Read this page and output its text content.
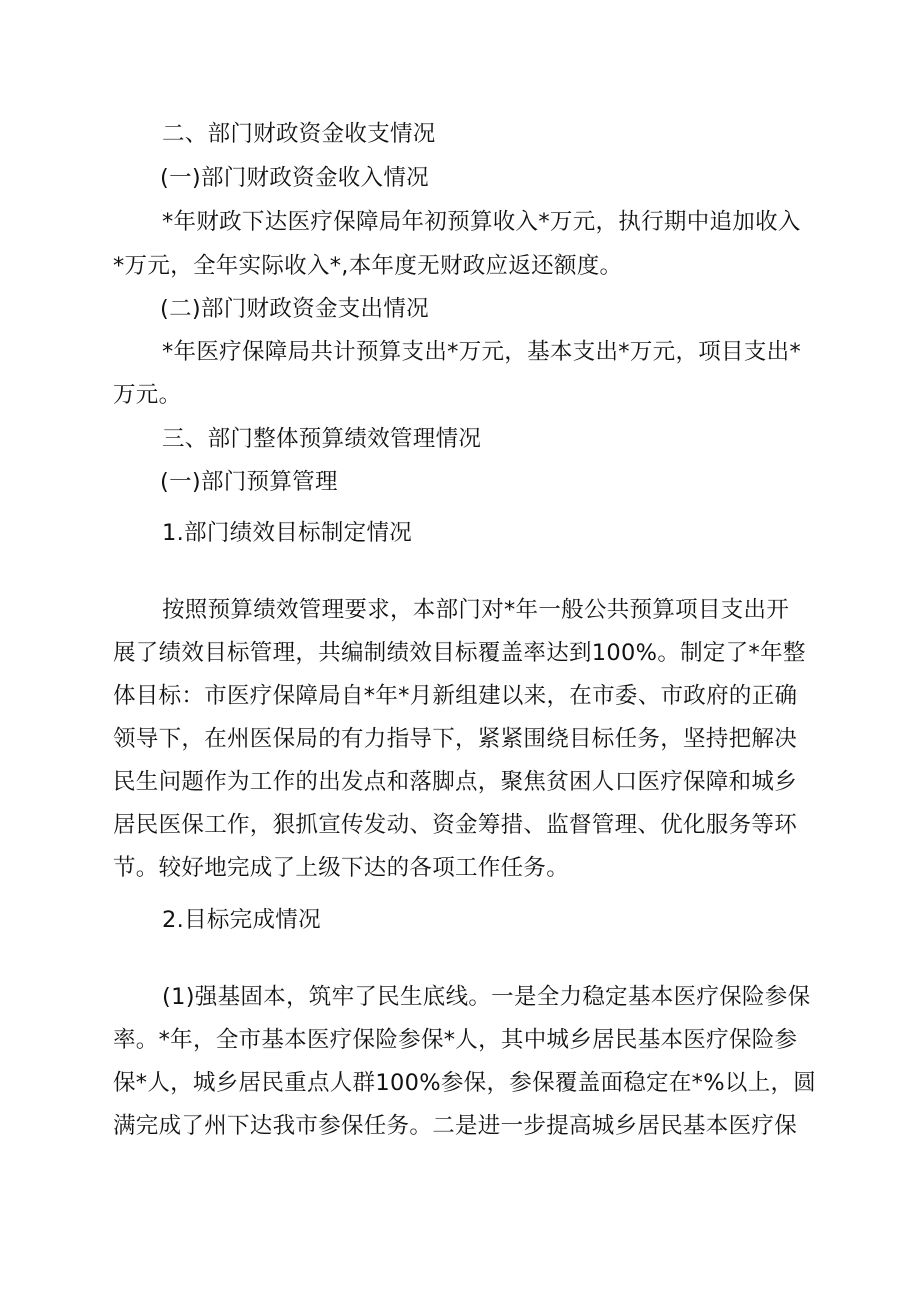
二、部门财政资金收支情况
(一)部门财政资金收入情况
*年财政下达医疗保障局年初预算收入*万元，执行期中追加收入
*万元，全年实际收入*,本年度无财政应返还额度。
(二)部门财政资金支出情况
*年医疗保障局共计预算支出*万元，基本支出*万元，项目支出*
万元。
三、部门整体预算绩效管理情况
(一)部门预算管理
1.部门绩效目标制定情况
按照预算绩效管理要求，本部门对*年一般公共预算项目支出开
展了绩效目标管理，共编制绩效目标覆盖率达到100%。制定了*年整
体目标：市医疗保障局自*年*月新组建以来，在市委、市政府的正确
领导下，在州医保局的有力指导下，紧紧围绕目标任务，坚持把解决
民生问题作为工作的出发点和落脚点，聚焦贫困人口医疗保障和城乡
居民医保工作，狠抓宣传发动、资金筹措、监督管理、优化服务等环
节。较好地完成了上级下达的各项工作任务。
2.目标完成情况
(1)强基固本，筑牢了民生底线。一是全力稳定基本医疗保险参保
率。*年，全市基本医疗保险参保*人，其中城乡居民基本医疗保险参
保*人，城乡居民重点人群100%参保，参保覆盖面稳定在*%以上，圆
满完成了州下达我市参保任务。二是进一步提高城乡居民基本医疗保
